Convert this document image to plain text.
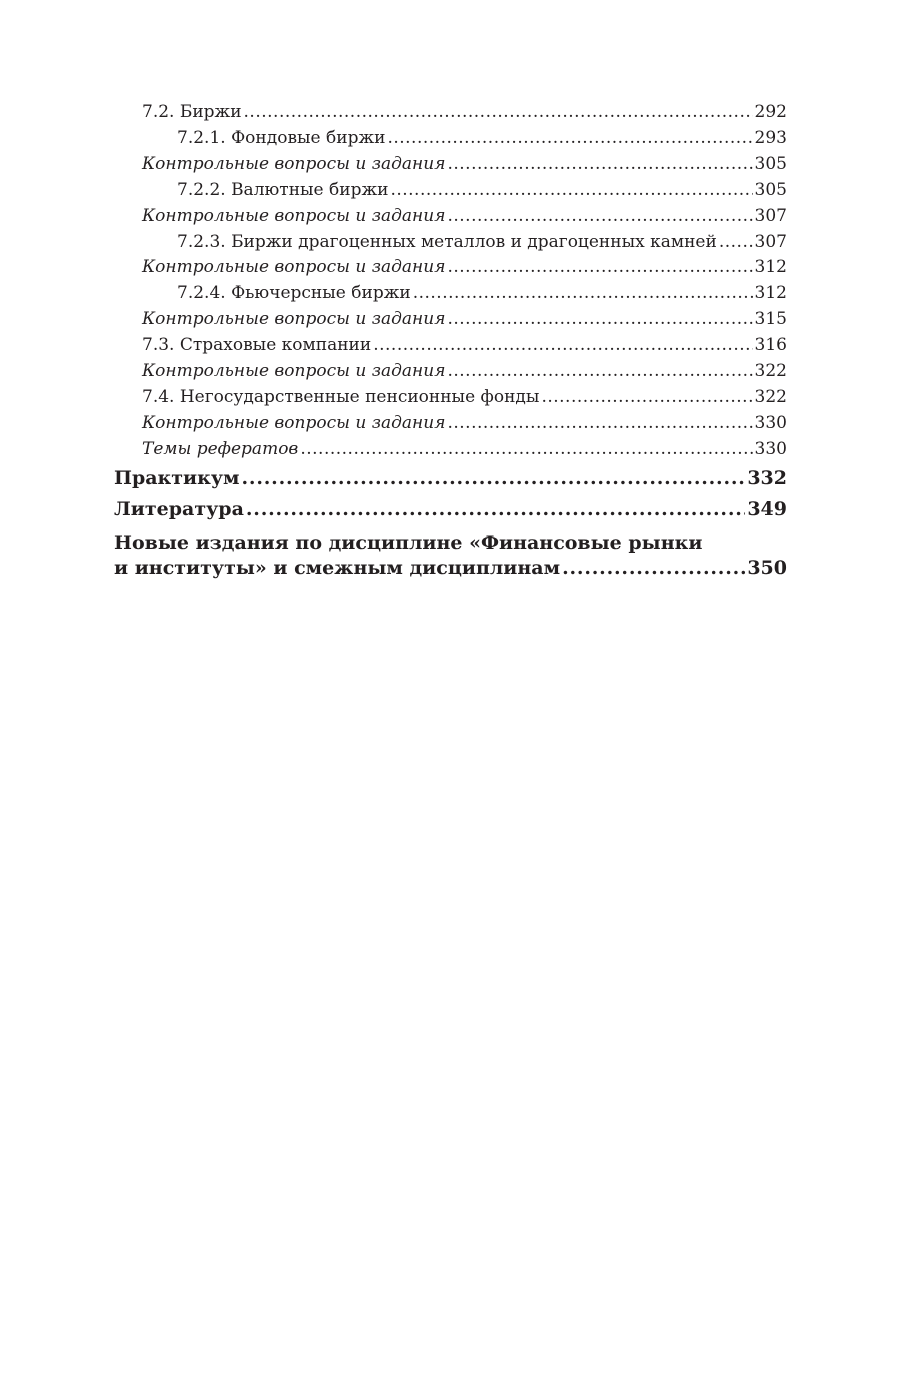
7.2. Биржи .....	292
7.2.1. Фондовые биржи .....	293
Контрольные вопросы и задания .....	305
7.2.2. Валютные биржи .....	305
Контрольные вопросы и задания .....	307
7.2.3. Биржи драгоценных металлов и драгоценных камней ..... 307
Контрольные вопросы и задания .....	312
7.2.4. Фьючерсные биржи .....	312
Контрольные вопросы и задания .....	315
7.3. Страховые компании .....	316
Контрольные вопросы и задания .....	322
7.4. Негосударственные пенсионные фонды .....	322
Контрольные вопросы и задания .....	330
Темы рефератов .....	330
Практикум .....	332
Литература .....	349
Новые издания по дисциплине «Финансовые рынки
и институты» и смежным дисциплинам .....	350
